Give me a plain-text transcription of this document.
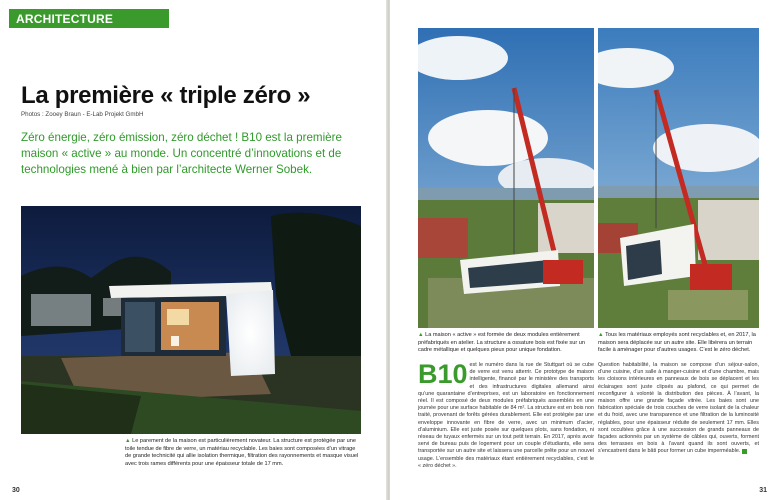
ARCHITECTURE
La première « triple zéro »
Photos : Zooey Braun - E-Lab Projekt GmbH
Zéro énergie, zéro émission, zéro déchet ! B10 est la première maison « active » au monde. Un concentré d’innovations et de technologies mené à bien par l’architecte Werner Sobek.
▲ Le parement de la maison est particulièrement novateur. La structure est protégée par une toile tendue de fibre de verre, un matériau recyclable. Les baies sont composées d’un vitrage de grande technicité qui allie isolation thermique, filtration des rayonnements et masque visuel avec trois rames différents pour une épaisseur totale de 17 mm.
30
▲ La maison « active » est formée de deux modules entièrement préfabriqués en atelier. La structure a ossature bois est fixée sur un cadre métallique et quelques pieux pour unique fondation.
▲ Tous les matériaux employés sont recyclables et, en 2017, la maison sera déplacée sur un autre site. Elle libérera un terrain facile à aménager pour d’autres usages. C’est le zéro déchet.
B10 est le numéro dans la rue de Stuttgart où se cube de verre est venu atterrir. Ce prototype de maison intelligente, financé par le ministère des transports et des infrastructures digitales allemand ainsi qu’une quarantaine d’entreprises, est un laboratoire en fonctionnement réel. Il est composé de deux modules préfabriqués assemblés en une journée pour une surface habitable de 84 m². La structure est en bois non traité, provenant de forêts gérées durablement. Elle est protégée par une enveloppe innovante en fibre de verre, avec un minimum d’acier, d’aluminium. Elle est juste posée sur quelques plots, sans fondation, ni réseau de tuyaux enfermés sur un tout petit terrain. En 2017, après avoir servi de bureau puis de logement pour un couple d’étudiants, elle sera transportée sur un autre site et laissera une parcelle prête pour un nouvel usage. L’ensemble des matériaux étant entièrement recyclables, c’est le « zéro déchet ».
Question habitabilité, la maison se compose d’un séjour-salon, d’une cuisine, d’un salle à manger-cuisine et d’une chambre, mais les cloisons intérieures en panneaux de bois se déplacent et les éclairages sont juste clipsés au plafond, ce qui permet de reconfigurer à volonté la distribution des pièces. À l’avant, la maison offre une grande façade vitrée. Les baies sont une fabrication spéciale de trois couches de verre isolant de la chaleur et du froid, avec une transparence et une filtration de la luminosité réglables, pour une épaisseur réduite de seulement 17 mm. Elles sont occultées grâce à une succession de grands panneaux de façades actionnés par un système de câbles qui, ouverts, forment des terrasses en bois à l’avant quand ils sont ouverts, et s’encastrent dans le bâti pour former un cube imperméable.
31
